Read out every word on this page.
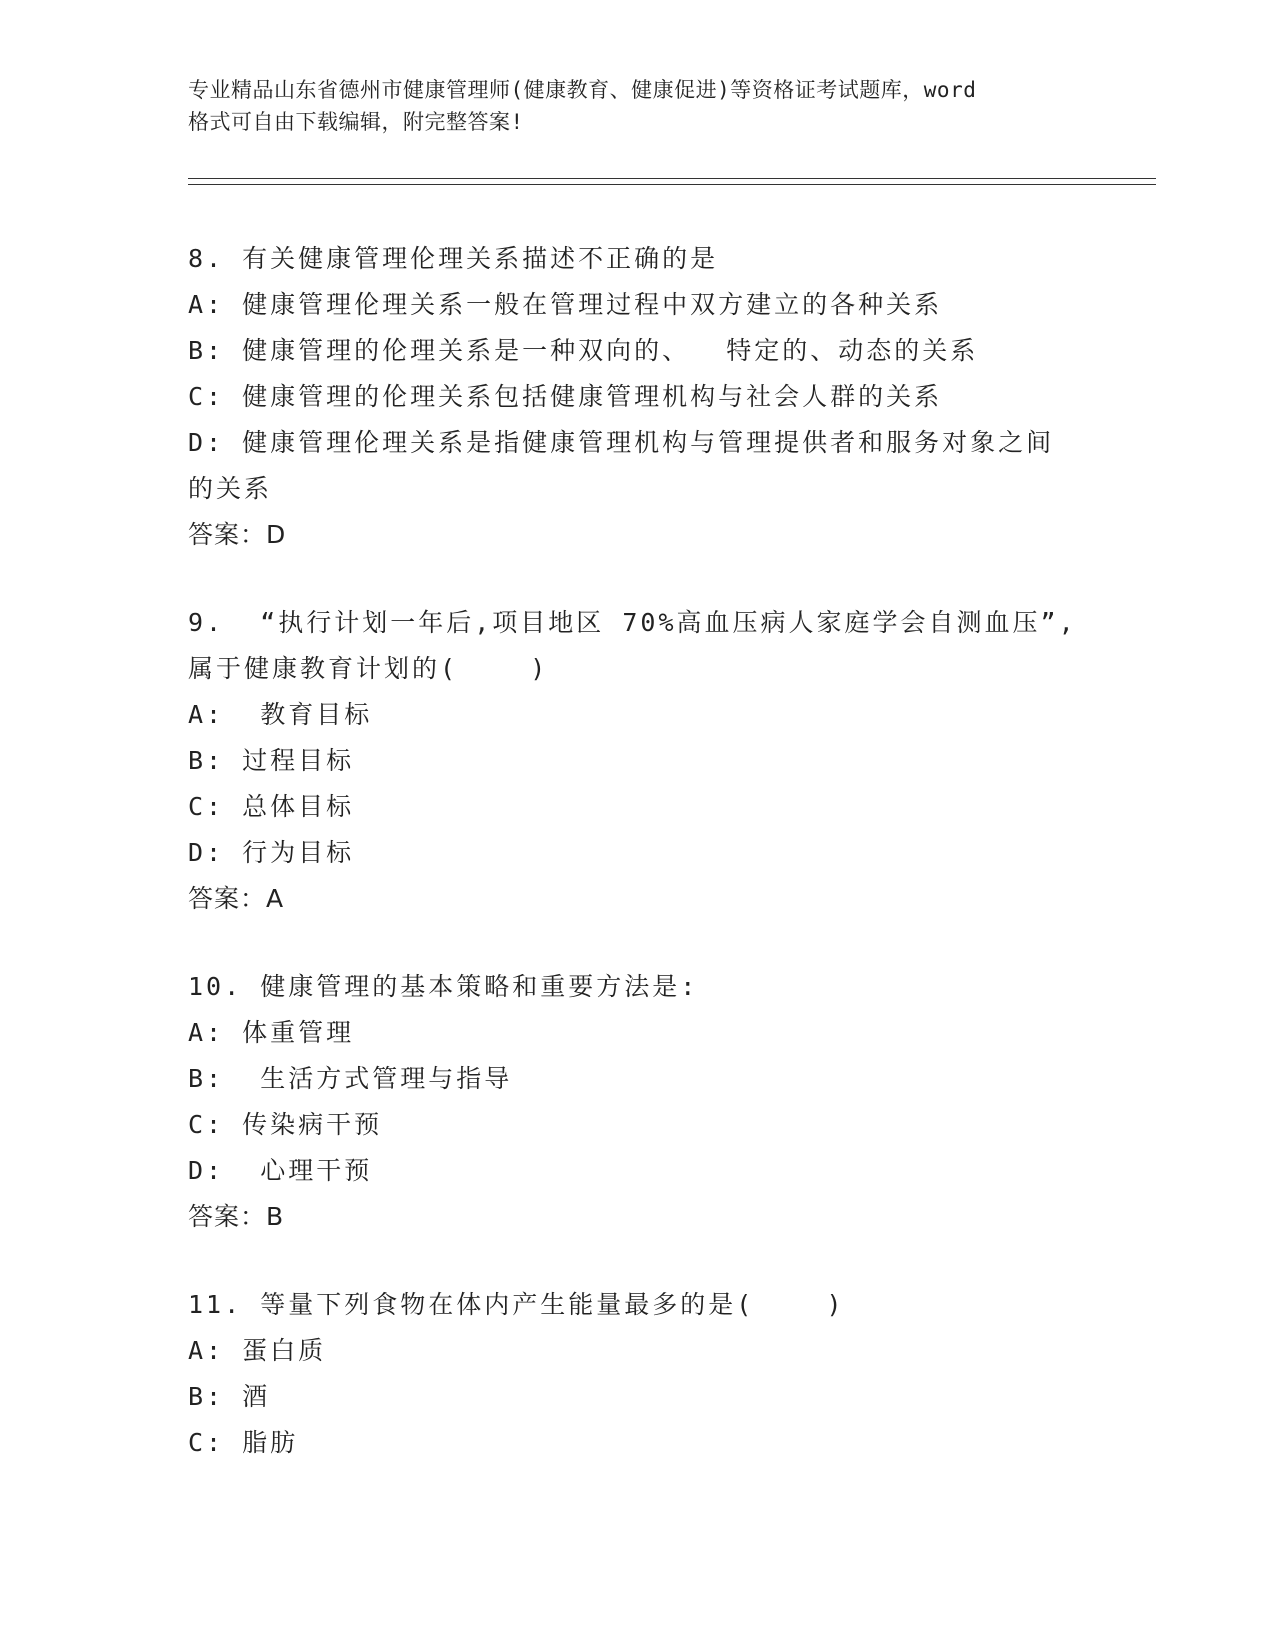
专业精品山东省德州市健康管理师(健康教育、健康促进)等资格证考试题库，word
格式可自由下载编辑，附完整答案!
8. 有关健康管理伦理关系描述不正确的是
A: 健康管理伦理关系一般在管理过程中双方建立的各种关系
B: 健康管理的伦理关系是一种双向的、  特定的、动态的关系
C: 健康管理的伦理关系包括健康管理机构与社会人群的关系
D: 健康管理伦理关系是指健康管理机构与管理提供者和服务对象之间
的关系
答案：D
9.  “执行计划一年后,项目地区 70%高血压病人家庭学会自测血压”,
属于健康教育计划的(    )
A:  教育目标
B: 过程目标
C: 总体目标
D: 行为目标
答案：A
10. 健康管理的基本策略和重要方法是:
A: 体重管理
B:  生活方式管理与指导
C: 传染病干预
D:  心理干预
答案：B
11. 等量下列食物在体内产生能量最多的是(    )
A: 蛋白质
B: 酒
C: 脂肪
